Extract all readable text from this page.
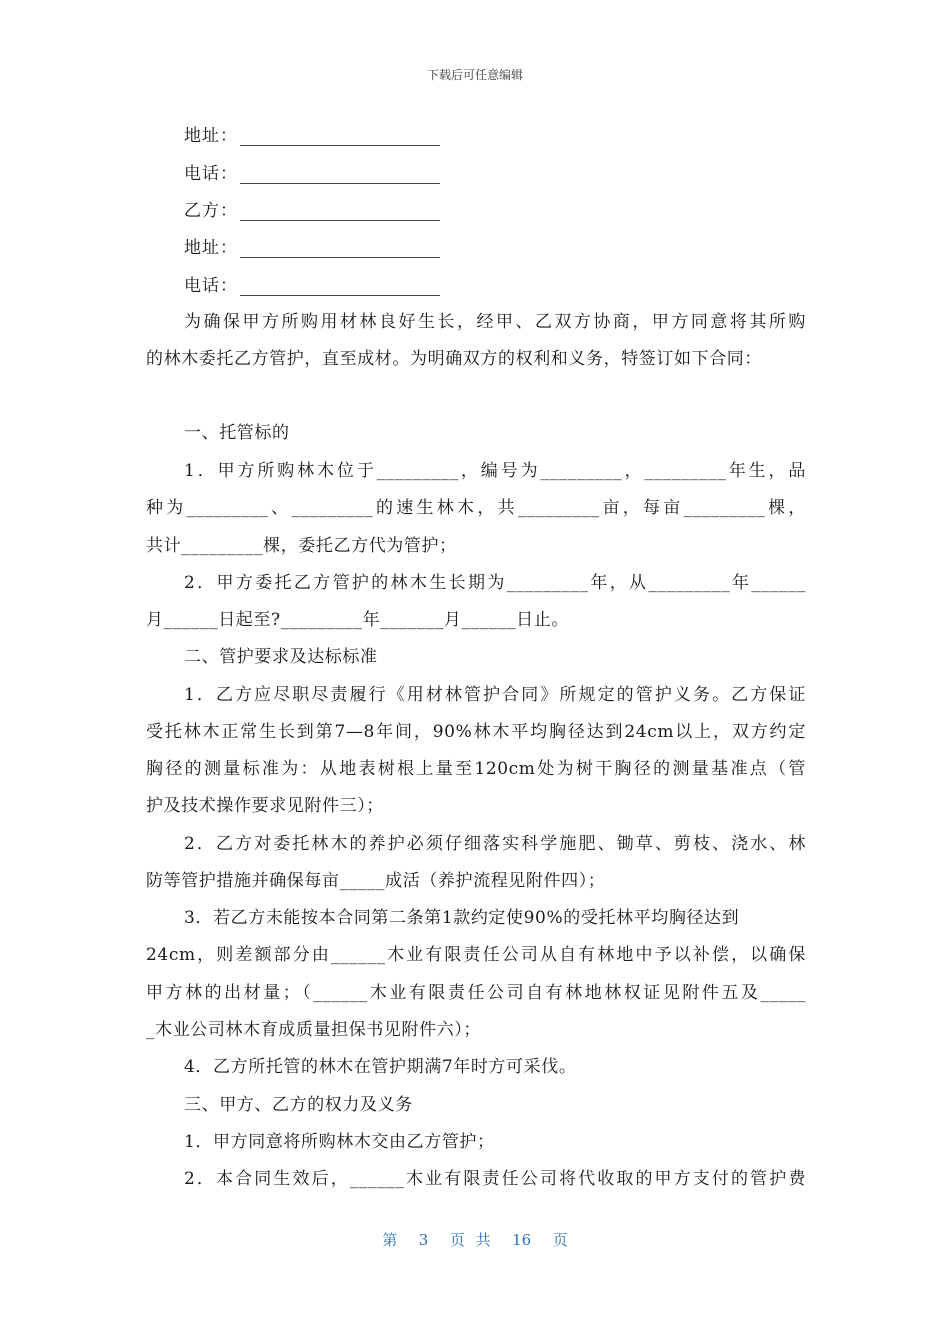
下载后可任意编辑
地址：
电话：
乙方：
地址：
电话：
为确保甲方所购用材林良好生长，经甲、乙双方协商，甲方同意将其所购
的林木委托乙方管护，直至成材。为明确双方的权利和义务，特签订如下合同：
一、托管标的
1．甲方所购林木位于_________，编号为_________，_________年生，品
种为_________、_________的速生林木，共_________亩，每亩_________棵，
共计_________棵，委托乙方代为管护；
2．甲方委托乙方管护的林木生长期为_________年，从_________年______
月______日起至?_________年_______月______日止。
二、管护要求及达标标准
1．乙方应尽职尽责履行《用材林管护合同》所规定的管护义务。乙方保证
受托林木正常生长到第7—8年间，90%林木平均胸径达到24cm以上，双方约定
胸径的测量标准为：从地表树根上量至120cm处为树干胸径的测量基准点（管
护及技术操作要求见附件三）；
2．乙方对委托林木的养护必须仔细落实科学施肥、锄草、剪枝、浇水、林
防等管护措施并确保每亩_____成活（养护流程见附件四）；
3．若乙方未能按本合同第二条第1款约定使90%的受托林平均胸径达到
24cm，则差额部分由______木业有限责任公司从自有林地中予以补偿，以确保
甲方林的出材量；（______木业有限责任公司自有林地林权证见附件五及_____
_木业公司林木育成质量担保书见附件六）；
4．乙方所托管的林木在管护期满7年时方可采伐。
三、甲方、乙方的权力及义务
1．甲方同意将所购林木交由乙方管护；
2．本合同生效后，______木业有限责任公司将代收取的甲方支付的管护费
第  3  页 共  16  页
